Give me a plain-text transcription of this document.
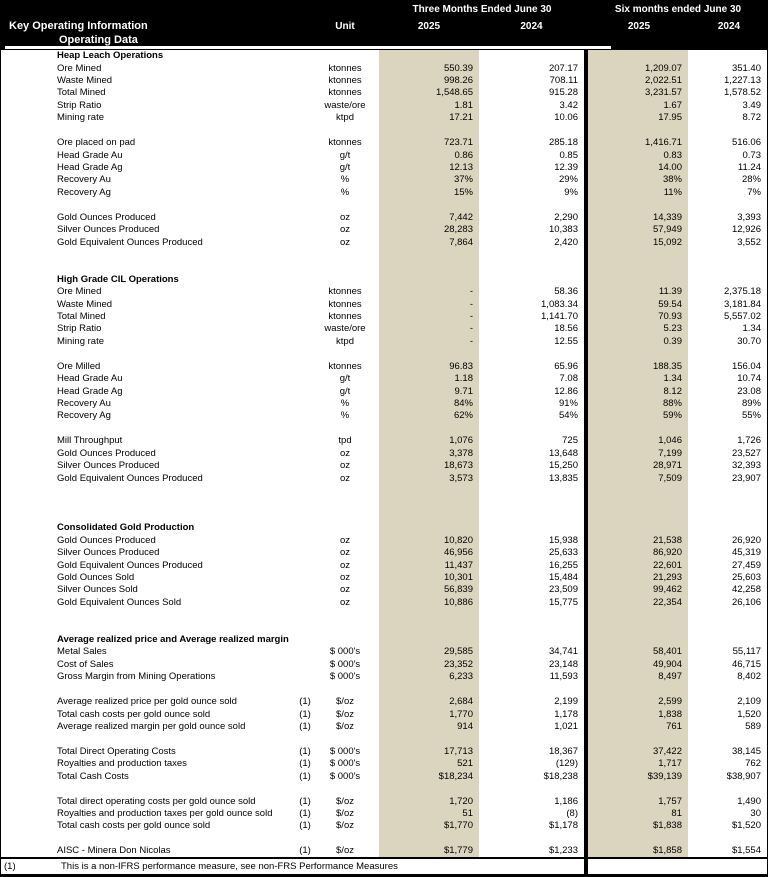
Three Months Ended June 30	Six months ended June 30
Key Operating Information	Unit	2025	2024	2025	2024
Operating Data
Heap Leach Operations
Ore Mined	ktonnes	550.39	207.17	1,209.07	351.40
Waste Mined	ktonnes	998.26	708.11	2,022.51	1,227.13
Total Mined	ktonnes	1,548.65	915.28	3,231.57	1,578.52
Strip Ratio	waste/ore	1.81	3.42	1.67	3.49
Mining rate	ktpd	17.21	10.06	17.95	8.72
Ore placed on pad	ktonnes	723.71	285.18	1,416.71	516.06
Head Grade Au	g/t	0.86	0.85	0.83	0.73
Head Grade Ag	g/t	12.13	12.39	14.00	11.24
Recovery Au	%	37%	29%	38%	28%
Recovery Ag	%	15%	9%	11%	7%
Gold Ounces Produced	oz	7,442	2,290	14,339	3,393
Silver Ounces Produced	oz	28,283	10,383	57,949	12,926
Gold Equivalent Ounces Produced	oz	7,864	2,420	15,092	3,552
High Grade CIL Operations
Ore Mined	ktonnes	-	58.36	11.39	2,375.18
Waste Mined	ktonnes	-	1,083.34	59.54	3,181.84
Total Mined	ktonnes	-	1,141.70	70.93	5,557.02
Strip Ratio	waste/ore	-	18.56	5.23	1.34
Mining rate	ktpd	-	12.55	0.39	30.70
Ore Milled	ktonnes	96.83	65.96	188.35	156.04
Head Grade Au	g/t	1.18	7.08	1.34	10.74
Head Grade Ag	g/t	9.71	12.86	8.12	23.08
Recovery Au	%	84%	91%	88%	89%
Recovery Ag	%	62%	54%	59%	55%
Mill Throughput	tpd	1,076	725	1,046	1,726
Gold Ounces Produced	oz	3,378	13,648	7,199	23,527
Silver Ounces Produced	oz	18,673	15,250	28,971	32,393
Gold Equivalent Ounces Produced	oz	3,573	13,835	7,509	23,907
Consolidated Gold Production
Gold Ounces Produced	oz	10,820	15,938	21,538	26,920
Silver Ounces Produced	oz	46,956	25,633	86,920	45,319
Gold Equivalent Ounces Produced	oz	11,437	16,255	22,601	27,459
Gold Ounces Sold	oz	10,301	15,484	21,293	25,603
Silver Ounces Sold	oz	56,839	23,509	99,462	42,258
Gold Equivalent Ounces Sold	oz	10,886	15,775	22,354	26,106
Average realized price and Average realized margin
Metal Sales	$ 000's	29,585	34,741	58,401	55,117
Cost of Sales	$ 000's	23,352	23,148	49,904	46,715
Gross Margin from Mining Operations	$ 000's	6,233	11,593	8,497	8,402
Average realized price per gold ounce sold	(1)	$/oz	2,684	2,199	2,599	2,109
Total cash costs per gold ounce sold	(1)	$/oz	1,770	1,178	1,838	1,520
Average realized margin per gold ounce sold	(1)	$/oz	914	1,021	761	589
Total Direct Operating Costs	(1)	$ 000's	17,713	18,367	37,422	38,145
Royalties and production taxes	(1)	$ 000's	521	(129)	1,717	762
Total Cash Costs	(1)	$ 000's	$18,234	$18,238	$39,139	$38,907
Total direct operating costs per gold ounce sold	(1)	$/oz	1,720	1,186	1,757	1,490
Royalties and production taxes per gold ounce sold	(1)	$/oz	51	(8)	81	30
Total cash costs per gold ounce sold	(1)	$/oz	$1,770	$1,178	$1,838	$1,520
AISC - Minera Don Nicolas	(1)	$/oz	$1,779	$1,233	$1,858	$1,554
(1)	This is a non-IFRS performance measure, see non-FRS Performance Measures
